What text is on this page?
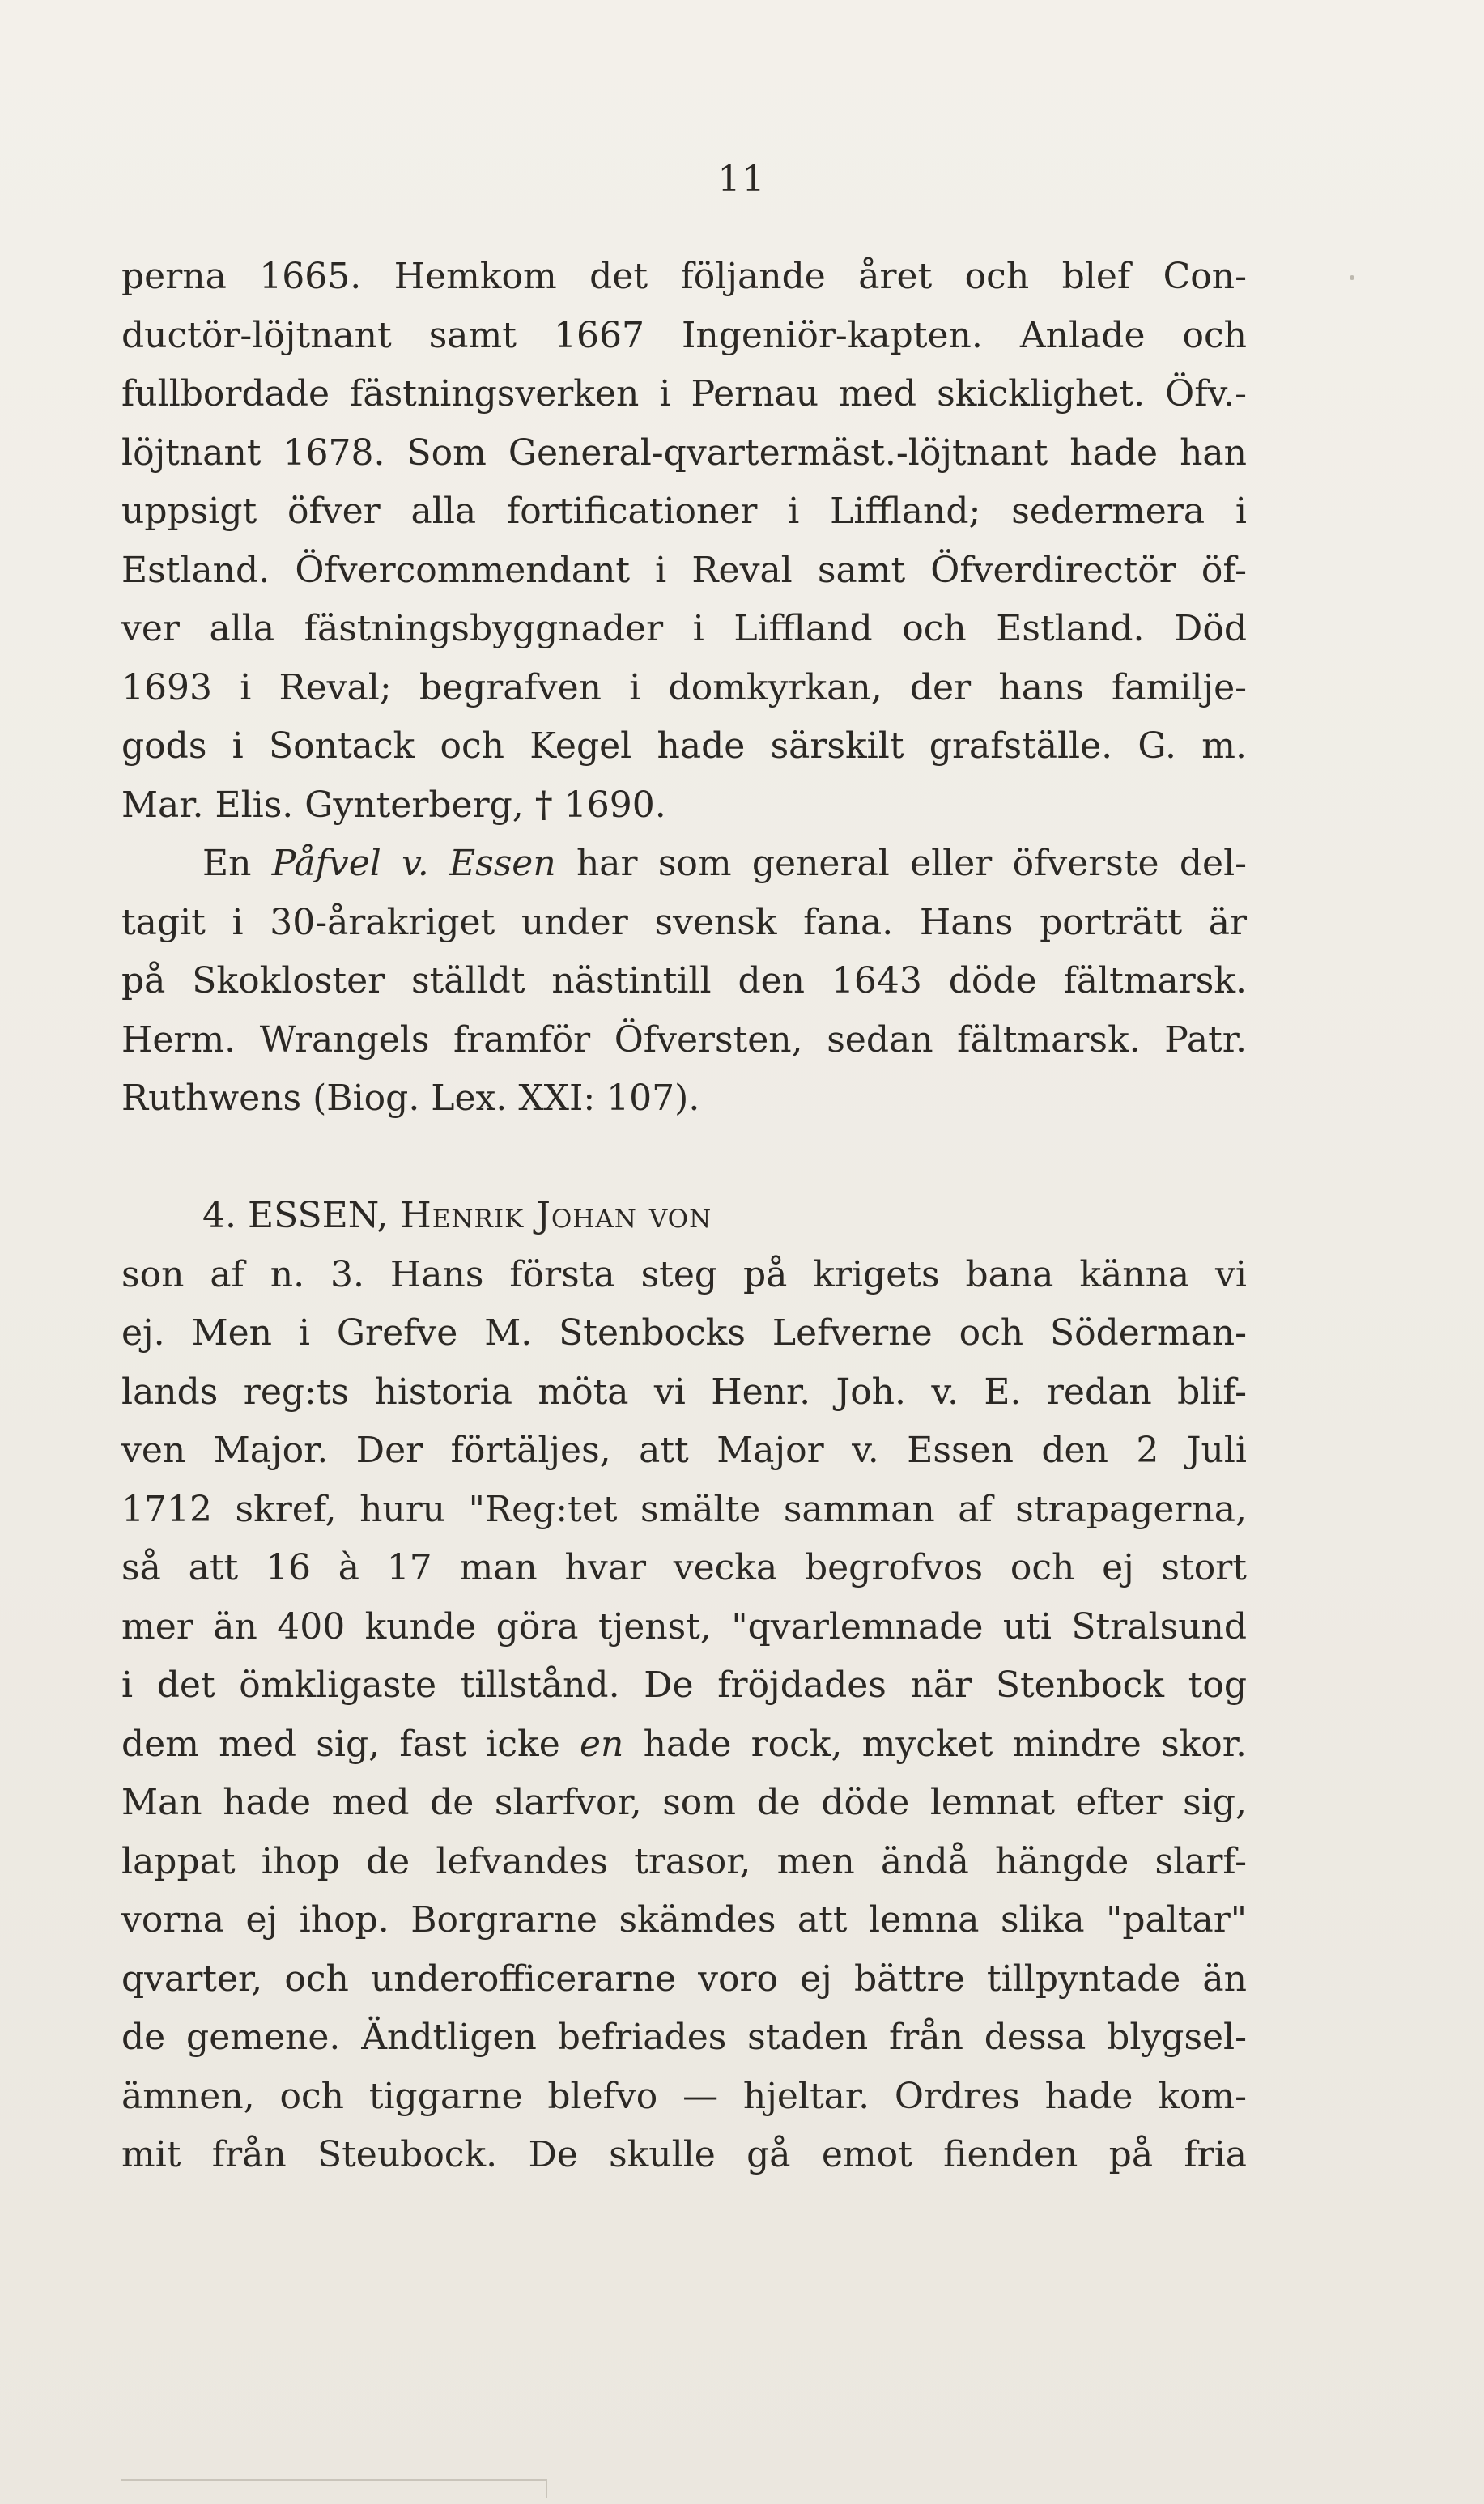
11
perna 1665. Hemkom det följande året och blef Con-
ductör-löjtnant samt 1667 Ingeniör-kapten. Anlade och
fullbordade fästningsverken i Pernau med skicklighet. Öfv.-
löjtnant 1678. Som General-qvartermäst.-löjtnant hade han
uppsigt öfver alla fortificationer i Liffland; sedermera i
Estland. Öfvercommendant i Reval samt Öfverdirectör öf-
ver alla fästningsbyggnader i Liffland och Estland. Död
1693 i Reval; begrafven i domkyrkan, der hans familje-
gods i Sontack och Kegel hade särskilt grafställe. G. m.
Mar. Elis. Gynterberg, † 1690.
En Påfvel v. Essen har som general eller öfverste del-
tagit i 30-årakriget under svensk fana. Hans porträtt är
på Skokloster ställdt nästintill den 1643 döde fältmarsk.
Herm. Wrangels framför Öfversten, sedan fältmarsk. Patr.
Ruthwens (Biog. Lex. XXI: 107).
4. ESSEN, Henrik Johan von
son af n. 3. Hans första steg på krigets bana känna vi
ej. Men i Grefve M. Stenbocks Lefverne och Söderman-
lands reg:ts historia möta vi Henr. Joh. v. E. redan blif-
ven Major. Der förtäljes, att Major v. Essen den 2 Juli
1712 skref, huru "Reg:tet smälte samman af strapagerna,
så att 16 à 17 man hvar vecka begrofvos och ej stort
mer än 400 kunde göra tjenst, "qvarlemnade uti Stralsund
i det ömkligaste tillstånd. De fröjdades när Stenbock tog
dem med sig, fast icke en hade rock, mycket mindre skor.
Man hade med de slarfvor, som de döde lemnat efter sig,
lappat ihop de lefvandes trasor, men ändå hängde slarf-
vorna ej ihop. Borgrarne skämdes att lemna slika "paltar"
qvarter, och underofficerarne voro ej bättre tillpyntade än
de gemene. Ändtligen befriades staden från dessa blygsel-
ämnen, och tiggarne blefvo — hjeltar. Ordres hade kom-
mit från Steubock. De skulle gå emot fienden på fria
